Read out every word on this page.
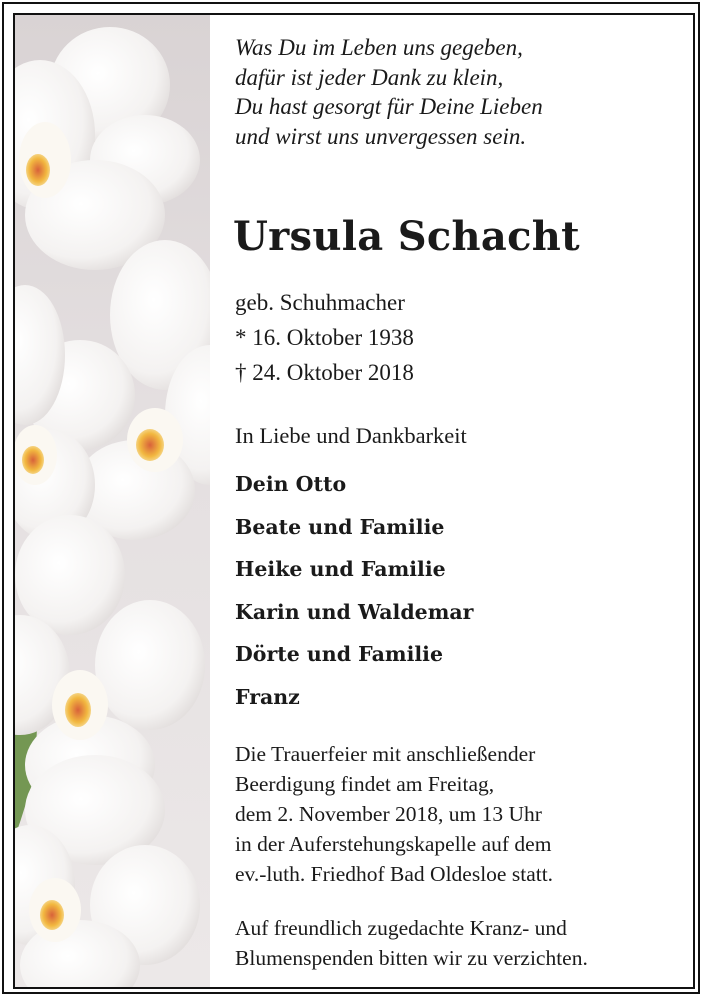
Was Du im Leben uns gegeben,
dafür ist jeder Dank zu klein,
Du hast gesorgt für Deine Lieben
und wirst uns unvergessen sein.
Ursula Schacht
geb. Schuhmacher
* 16. Oktober 1938
† 24. Oktober 2018
In Liebe und Dankbarkeit
Dein Otto
Beate und Familie
Heike und Familie
Karin und Waldemar
Dörte und Familie
Franz
Die Trauerfeier mit anschließender
Beerdigung findet am Freitag,
dem 2. November 2018, um 13 Uhr
in der Auferstehungskapelle auf dem
ev.-luth. Friedhof Bad Oldesloe statt.
Auf freundlich zugedachte Kranz- und
Blumenspenden bitten wir zu verzichten.
